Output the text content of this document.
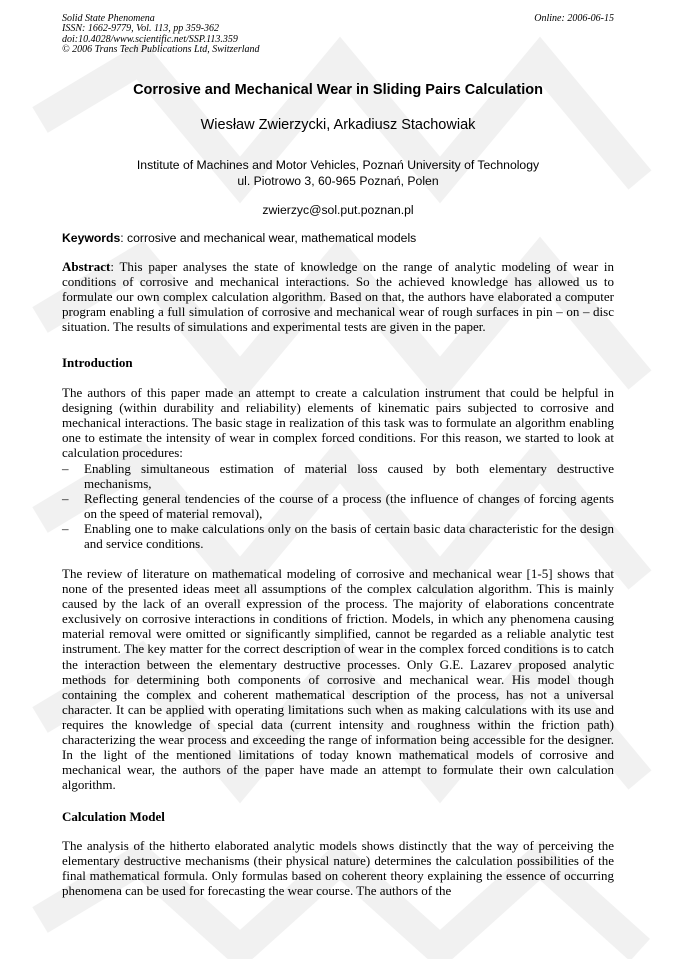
Solid State Phenomena
ISSN: 1662-9779, Vol. 113, pp 359-362
doi:10.4028/www.scientific.net/SSP.113.359
© 2006 Trans Tech Publications Ltd, Switzerland
Online: 2006-06-15
Corrosive and Mechanical Wear in Sliding Pairs Calculation
Wiesław Zwierzycki, Arkadiusz Stachowiak
Institute of Machines and Motor Vehicles, Poznań University of Technology
ul. Piotrowo 3, 60-965 Poznań, Polen
zwierzyc@sol.put.poznan.pl
Keywords: corrosive and mechanical wear, mathematical models

Abstract: This paper analyses the state of knowledge on the range of analytic modeling of wear in conditions of corrosive and mechanical interactions. So the achieved knowledge has allowed us to formulate our own complex calculation algorithm. Based on that, the authors have elaborated a computer program enabling a full simulation of corrosive and mechanical wear of rough surfaces in pin – on – disc situation. The results of simulations and experimental tests are given in the paper.

Introduction

The authors of this paper made an attempt to create a calculation instrument that could be helpful in designing (within durability and reliability) elements of kinematic pairs subjected to corrosive and mechanical interactions. The basic stage in realization of this task was to formulate an algorithm enabling one to estimate the intensity of wear in complex forced conditions. For this reason, we started to look at calculation procedures:

– Enabling simultaneous estimation of material loss caused by both elementary destructive mechanisms,
– Reflecting general tendencies of the course of a process (the influence of changes of forcing agents on the speed of material removal),
– Enabling one to make calculations only on the basis of certain basic data characteristic for the design and service conditions.

The review of literature on mathematical modeling of corrosive and mechanical wear [1-5] shows that none of the presented ideas meet all assumptions of the complex calculation algorithm. This is mainly caused by the lack of an overall expression of the process. The majority of elaborations concentrate exclusively on corrosive interactions in conditions of friction. Models, in which any phenomena causing material removal were omitted or significantly simplified, cannot be regarded as a reliable analytic test instrument. The key matter for the correct description of wear in the complex forced conditions is to catch the interaction between the elementary destructive processes. Only G.E. Lazarev proposed analytic methods for determining both components of corrosive and mechanical wear. His model though containing the complex and coherent mathematical description of the process, has not a universal character. It can be applied with operating limitations such when as making calculations with its use and requires the knowledge of special data (current intensity and roughness within the friction path) characterizing the wear process and exceeding the range of information being accessible for the designer. In the light of the mentioned limitations of today known mathematical models of corrosive and mechanical wear, the authors of the paper have made an attempt to formulate their own calculation algorithm.

Calculation Model

The analysis of the hitherto elaborated analytic models shows distinctly that the way of perceiving the elementary destructive mechanisms (their physical nature) determines the calculation possibilities of the final mathematical formula. Only formulas based on coherent theory explaining the essence of occurring phenomena can be used for forecasting the wear course. The authors of the
